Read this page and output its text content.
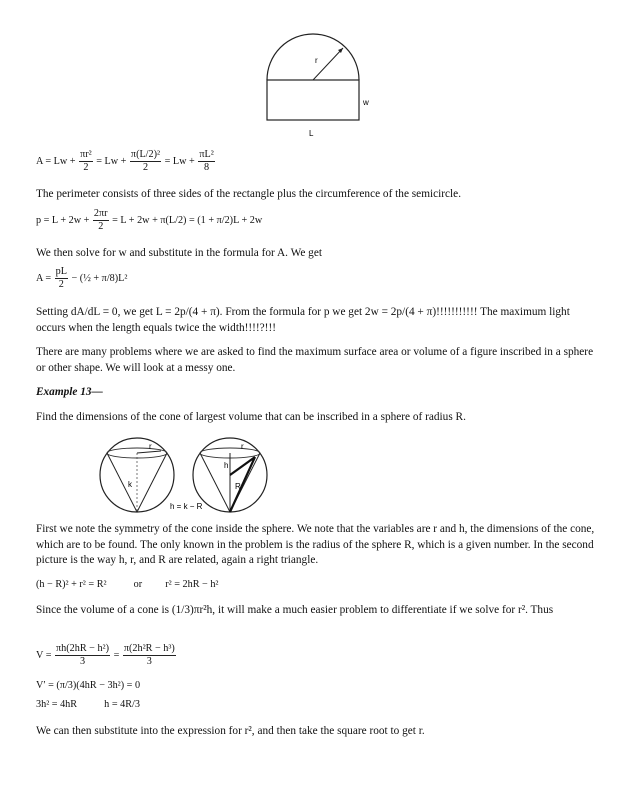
r
w
L
$A = Lw + \frac{\text{πr²}}{2} = Lw + \frac{\text{π(L/2)²}}{2} = Lw + \frac{\text{πL²}}{8}$
The perimeter consists of three sides of the rectangle plus the circumference of the semicircle.
$p = L + 2w + \frac{2\pi r}{2} = L + 2w + \pi(L/2) = (1 + \pi/2)L + 2w$
We then solve for w and substitute in the formula for A. We get
$A = \frac{pL}{2}$ − (½ + π/8)L²
Setting dA/dL = 0, we get L = 2p/(4 + π). From the formula for p we get 2w = 2p/(4 + π)!!!!!!!!!!! The maximum light occurs when the length equals twice the width!!!!?!!!
There are many problems where we are asked to find the maximum surface area or volume of a figure inscribed in a sphere or other shape. We will look at a messy one.
Example 13—
Find the dimensions of the cone of largest volume that can be inscribed in a sphere of radius R.
r
k
r
h
R
h = k − R
First we note the symmetry of the cone inside the sphere. We note that the variables are r and h, the dimensions of the cone, which are to be found. The only known in the problem is the radius of the sphere R, which is a given number. In the second picture is the way h, r, and R are related, again a right triangle.
(h − R)² + r² = R²	or r² = 2hR − h²
Since the volume of a cone is (1/3)πr²h, it will make a much easier problem to differentiate if we solve for r². Thus
$V = \frac{\text{πh(2hR − h²)}}{3} = \frac{\text{π(2h²R − h³)}}{3}$
V′ = (π/3)(4hR − 3h²) = 0
3h² = 4hR	h = 4R/3
We can then substitute into the expression for r², and then take the square root to get r.
